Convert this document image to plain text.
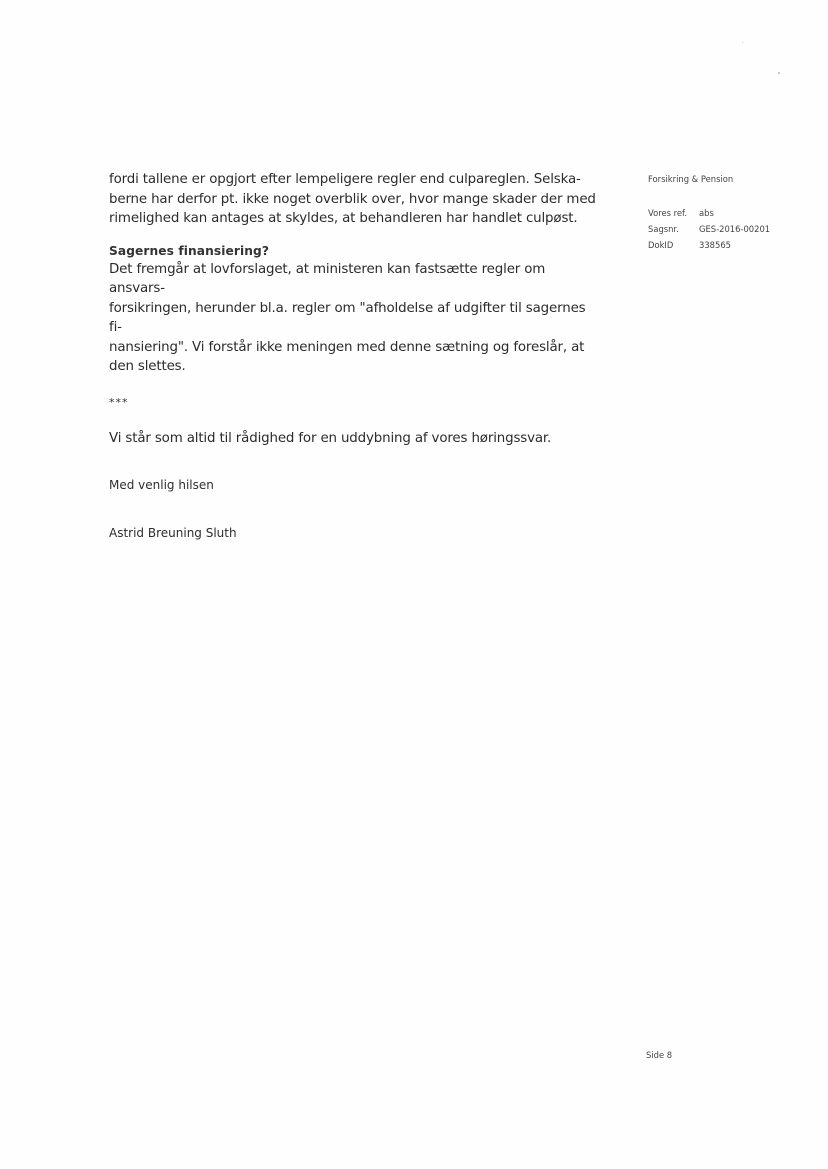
fordi tallene er opgjort efter lempeligere regler end culpareglen. Selska-
berne har derfor pt. ikke noget overblik over, hvor mange skader der med
rimelighed kan antages at skyldes, at behandleren har handlet culpøst.

Sagernes finansiering?

Det fremgår at lovforslaget, at ministeren kan fastsætte regler om ansvars-
forsikringen, herunder bl.a. regler om "afholdelse af udgifter til sagernes fi-
nansiering". Vi forstår ikke meningen med denne sætning og foreslår, at
den slettes.

***

Vi står som altid til rådighed for en uddybning af vores høringssvar.

Med venlig hilsen

Astrid Breuning Sluth

Forsikring & Pension
Vores ref.	abs
Sagsnr.	GES-2016-00201
DokID	338565
Side 8
